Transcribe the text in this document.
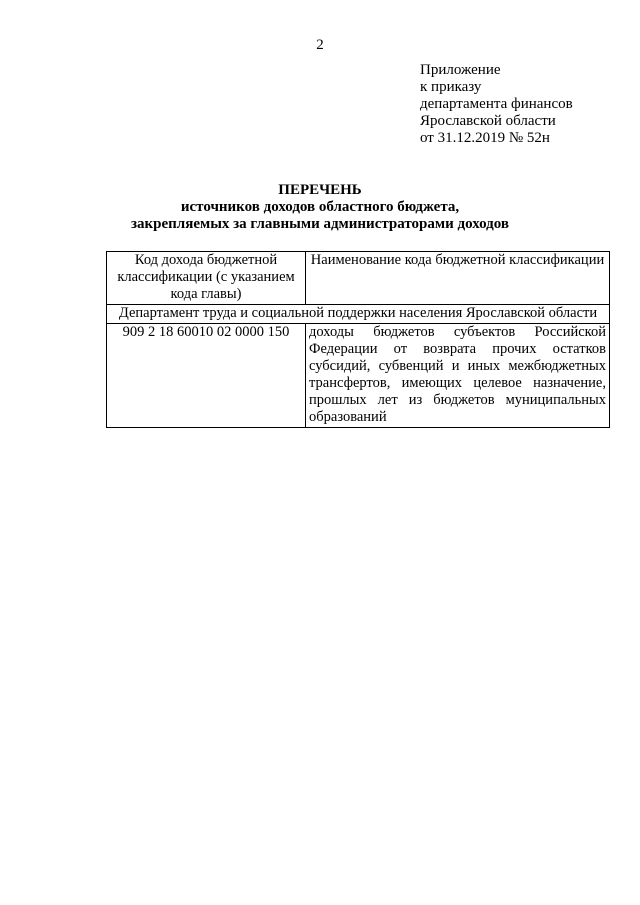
2
Приложение
к приказу
департамента финансов
Ярославской области
от 31.12.2019 № 52н
ПЕРЕЧЕНЬ
источников доходов областного бюджета,
закрепляемых за главными администраторами доходов
Код дохода бюджетной классификации (с указанием кода главы)	Наименование кода бюджетной классификации
Департамент труда и социальной поддержки населения Ярославской области	
909 2 18 60010 02 0000 150	доходы бюджетов субъектов Российской Федерации от возврата прочих остатков субсидий, субвенций и иных межбюджетных трансфертов, имеющих целевое назначение, прошлых лет из бюджетов муниципальных образований
